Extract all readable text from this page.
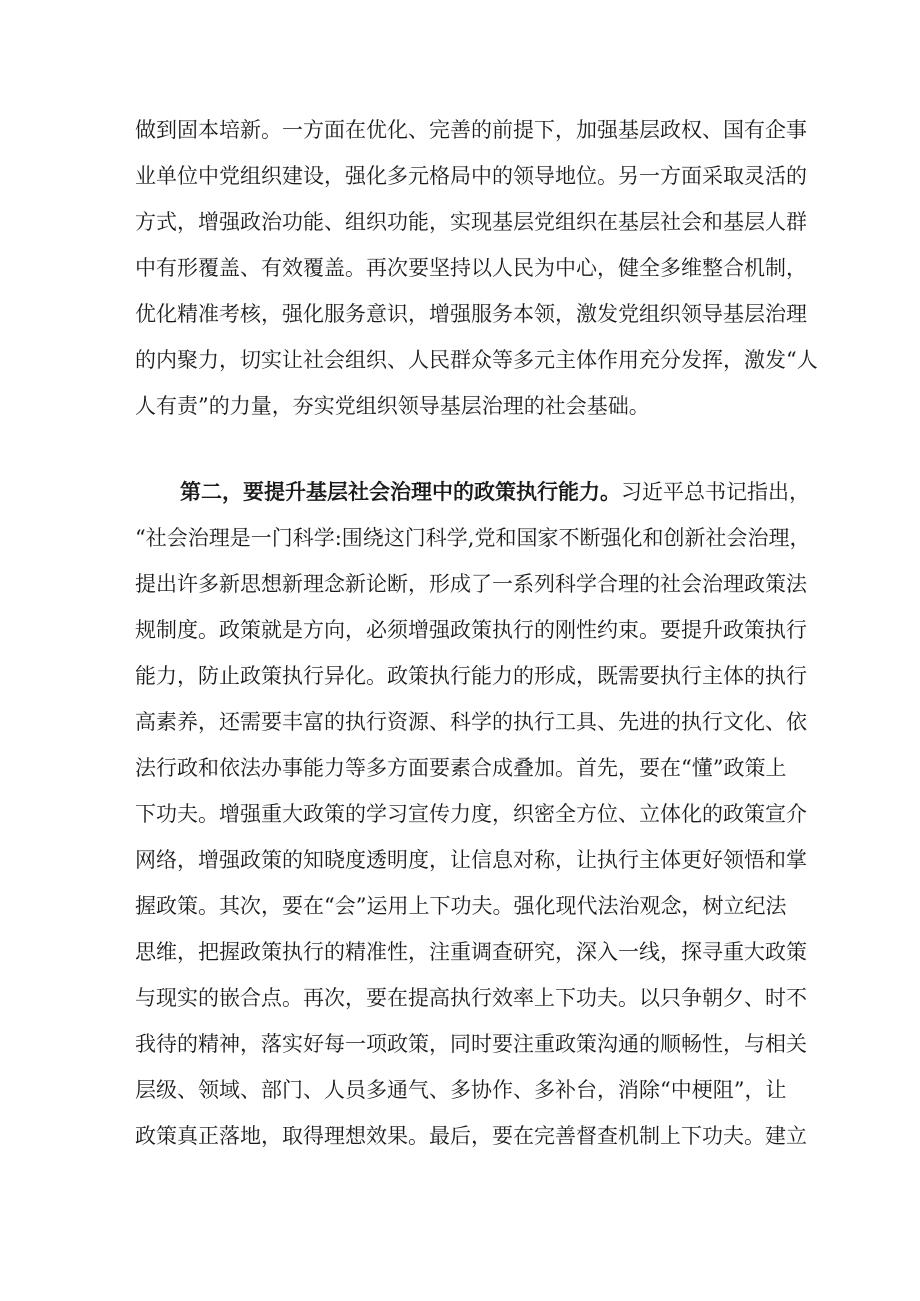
做到固本培新。一方面在优化、完善的前提下，加强基层政权、国有企事
业单位中党组织建设，强化多元格局中的领导地位。另一方面采取灵活的
方式，增强政治功能、组织功能，实现基层党组织在基层社会和基层人群
中有形覆盖、有效覆盖。再次要坚持以人民为中心，健全多维整合机制，
优化精准考核，强化服务意识，增强服务本领，激发党组织领导基层治理
的内聚力，切实让社会组织、人民群众等多元主体作用充分发挥，激发“人
人有责”的力量，夯实党组织领导基层治理的社会基础。
第二，要提升基层社会治理中的政策执行能力。习近平总书记指出，
“社会治理是一门科学:围绕这门科学,党和国家不断强化和创新社会治理，
提出许多新思想新理念新论断，形成了一系列科学合理的社会治理政策法
规制度。政策就是方向，必须增强政策执行的刚性约束。要提升政策执行
能力，防止政策执行异化。政策执行能力的形成，既需要执行主体的执行
高素养，还需要丰富的执行资源、科学的执行工具、先进的执行文化、依
法行政和依法办事能力等多方面要素合成叠加。首先，要在“懂”政策上
下功夫。增强重大政策的学习宣传力度，织密全方位、立体化的政策宣介
网络，增强政策的知晓度透明度，让信息对称，让执行主体更好领悟和掌
握政策。其次，要在“会”运用上下功夫。强化现代法治观念，树立纪法
思维，把握政策执行的精准性，注重调查研究，深入一线，探寻重大政策
与现实的嵌合点。再次，要在提高执行效率上下功夫。以只争朝夕、时不
我待的精神，落实好每一项政策，同时要注重政策沟通的顺畅性，与相关
层级、领域、部门、人员多通气、多协作、多补台，消除“中梗阻”，让
政策真正落地，取得理想效果。最后，要在完善督查机制上下功夫。建立
